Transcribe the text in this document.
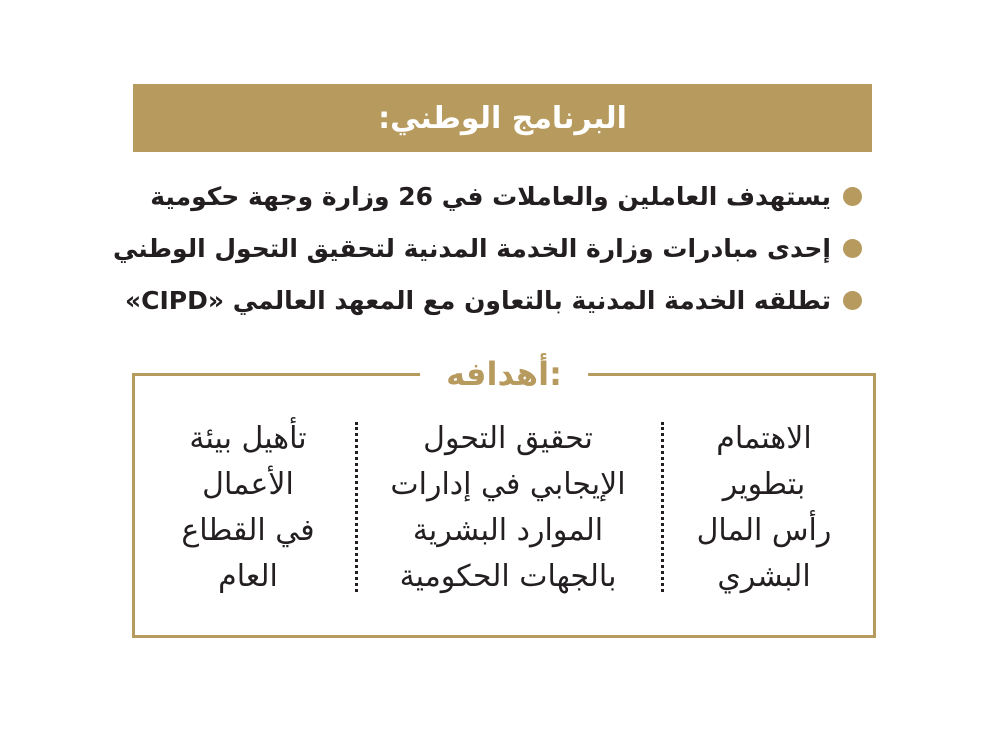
البرنامج الوطني:
يستهدف العاملين والعاملات في 26 وزارة وجهة حكومية
إحدى مبادرات وزارة الخدمة المدنية لتحقيق التحول الوطني
تطلقه الخدمة المدنية بالتعاون مع المعهد العالمي «CIPD»
أهدافه:
الاهتمام
بتطوير
رأس المال
البشري
تحقيق التحول
الإيجابي في إدارات
الموارد البشرية
بالجهات الحكومية
تأهيل بيئة
الأعمال
في القطاع
العام
